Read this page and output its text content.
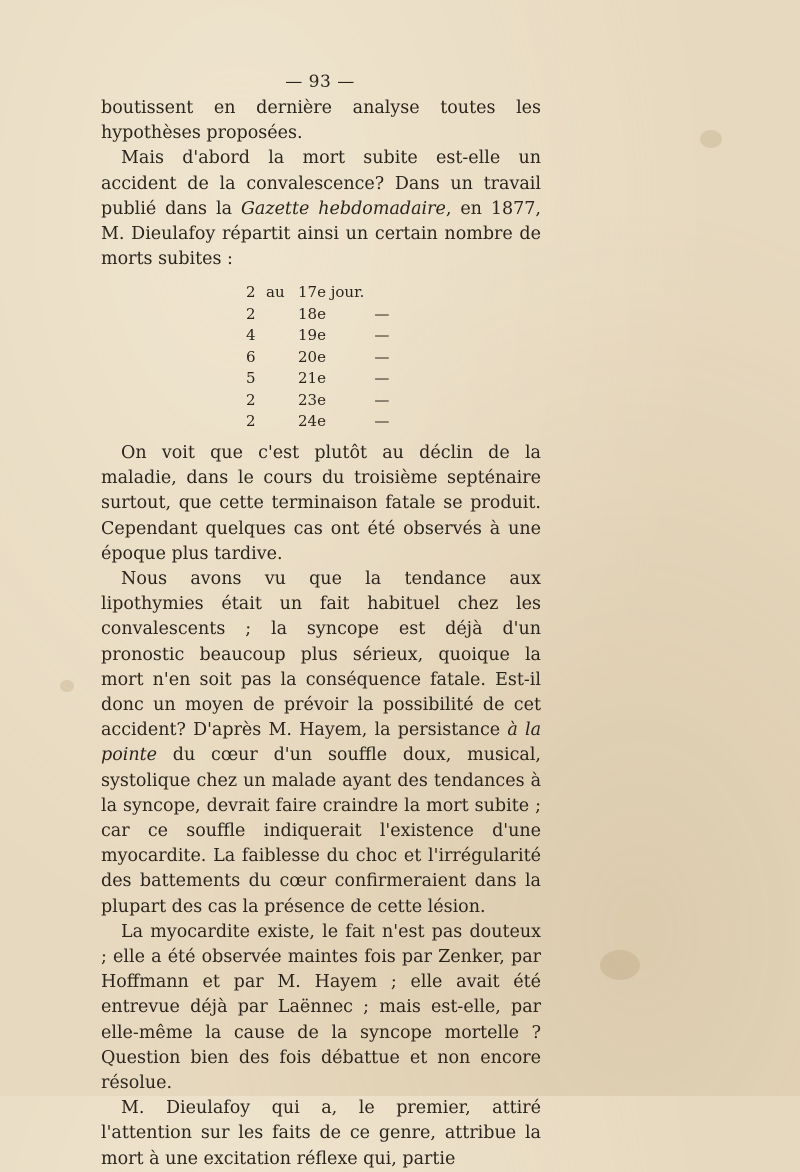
— 93 —

boutissent en dernière analyse toutes les hypothèses proposées.

Mais d'abord la mort subite est-elle un accident de la convalescence? Dans un travail publié dans la Gazette hebdomadaire, en 1877, M. Dieulafoy répartit ainsi un certain nombre de morts subites :

2	au	17e jour.	
2		18e	—
4		19e	—
6		20e	—
5		21e	—
2		23e	—
2		24e	—

On voit que c'est plutôt au déclin de la maladie, dans le cours du troisième septénaire surtout, que cette terminaison fatale se produit. Cependant quelques cas ont été observés à une époque plus tardive.

Nous avons vu que la tendance aux lipothymies était un fait habituel chez les convalescents ; la syncope est déjà d'un pronostic beaucoup plus sérieux, quoique la mort n'en soit pas la conséquence fatale. Est-il donc un moyen de prévoir la possibilité de cet accident? D'après M. Hayem, la persistance à la pointe du cœur d'un souffle doux, musical, systolique chez un malade ayant des tendances à la syncope, devrait faire craindre la mort subite ; car ce souffle indiquerait l'existence d'une myocardite. La faiblesse du choc et l'irrégularité des battements du cœur confirmeraient dans la plupart des cas la présence de cette lésion.

La myocardite existe, le fait n'est pas douteux ; elle a été observée maintes fois par Zenker, par Hoffmann et par M. Hayem ; elle avait été entrevue déjà par Laënnec ; mais est-elle, par elle-même la cause de la syncope mortelle ? Question bien des fois débattue et non encore résolue.

M. Dieulafoy qui a, le premier, attiré l'attention sur les faits de ce genre, attribue la mort à une excitation réflexe qui, partie
